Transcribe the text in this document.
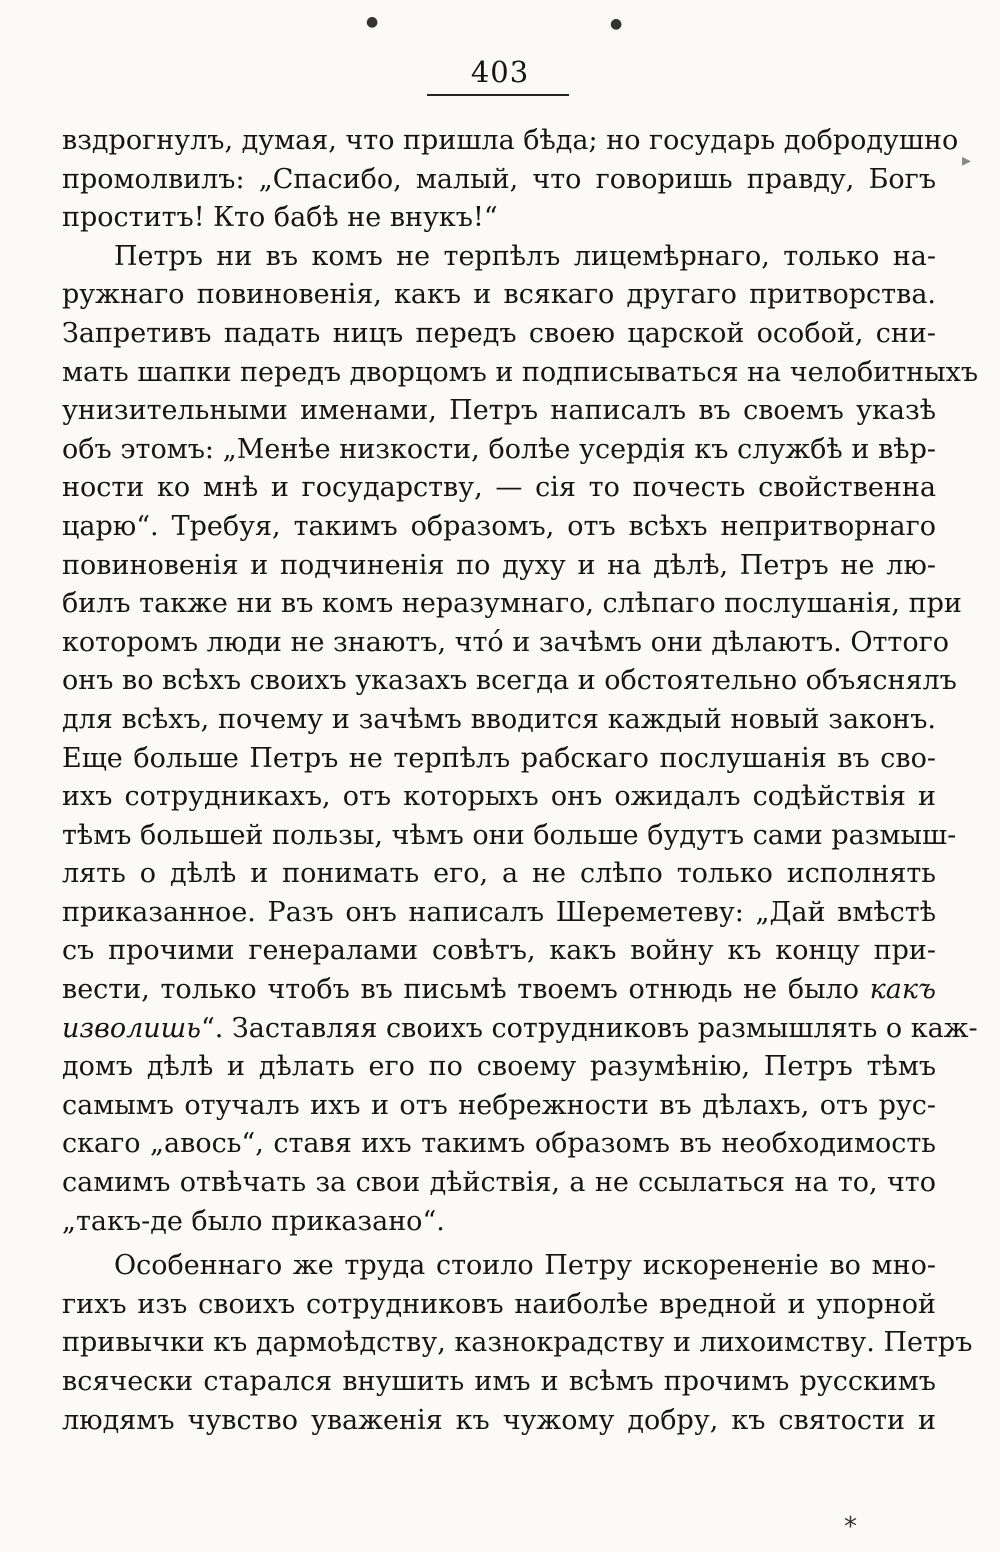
●	●
▸
403
вздрогнулъ, думая, что пришла бѣда; но государь добродушно
промолвилъ: „Спасибо, малый, что говоришь правду, Богъ
проститъ! Кто бабѣ не внукъ!“
Петръ ни въ комъ не терпѣлъ лицемѣрнаго, только на-
ружнаго повиновенія, какъ и всякаго другаго притворства.
Запретивъ падать ницъ передъ своею царской особой, сни-
мать шапки передъ дворцомъ и подписываться на челобитныхъ
унизительными именами, Петръ написалъ въ своемъ указѣ
объ этомъ: „Менѣе низкости, болѣе усердія къ службѣ и вѣр-
ности ко мнѣ и государству, — сія то почесть свойственна
царю“. Требуя, такимъ образомъ, отъ всѣхъ непритворнаго
повиновенія и подчиненія по духу и на дѣлѣ, Петръ не лю-
билъ также ни въ комъ неразумнаго, слѣпаго послушанія, при
которомъ люди не знаютъ, что́ и зачѣмъ они дѣлаютъ. Оттого
онъ во всѣхъ своихъ указахъ всегда и обстоятельно объяснялъ
для всѣхъ, почему и зачѣмъ вводится каждый новый законъ.
Еще больше Петръ не терпѣлъ рабскаго послушанія въ сво-
ихъ сотрудникахъ, отъ которыхъ онъ ожидалъ содѣйствія и
тѣмъ большей пользы, чѣмъ они больше будутъ сами размыш-
лять о дѣлѣ и понимать его, а не слѣпо только исполнять
приказанное. Разъ онъ написалъ Шереметеву: „Дай вмѣстѣ
съ прочими генералами совѣтъ, какъ войну къ концу при-
вести, только чтобъ въ письмѣ твоемъ отнюдь не было какъ
изволишь“. Заставляя своихъ сотрудниковъ размышлять о каж-
домъ дѣлѣ и дѣлать его по своему разумѣнію, Петръ тѣмъ
самымъ отучалъ ихъ и отъ небрежности въ дѣлахъ, отъ рус-
скаго „авось“, ставя ихъ такимъ образомъ въ необходимость
самимъ отвѣчать за свои дѣйствія, а не ссылаться на то, что
„такъ-де было приказано“.
Особеннаго же труда стоило Петру искорененіе во мно-
гихъ изъ своихъ сотрудниковъ наиболѣе вредной и упорной
привычки къ дармоѣдству, казнокрадству и лихоимству. Петръ
всячески старался внушить имъ и всѣмъ прочимъ русскимъ
людямъ чувство уваженія къ чужому добру, къ святости и
*
